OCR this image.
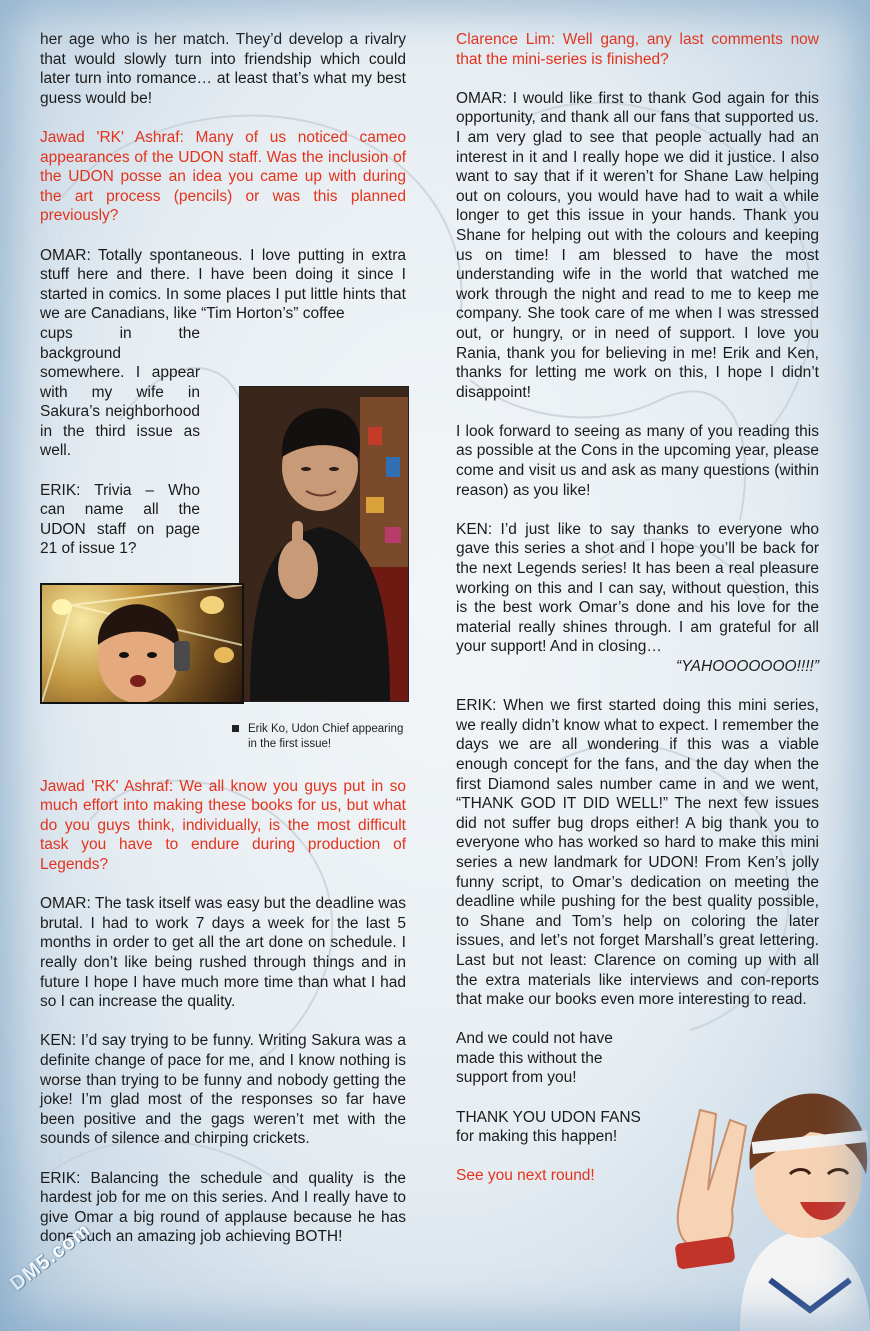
Erik Ko, Udon Chief appearing in the first issue!

her age who is her match. They’d develop a rivalry that would slowly turn into friendship which could later turn into romance… at least that’s what my best guess would be!

Jawad 'RK' Ashraf: Many of us noticed cameo appearances of the UDON staff. Was the inclusion of the UDON posse an idea you came up with during the art process (pencils) or was this planned previously?

OMAR: Totally spontaneous. I love putting in extra stuff here and there. I have been doing it since I started in comics. In some places I put little hints that we are Canadians, like “Tim Horton’s” coffee

cups in the background somewhere. I appear with my wife in Sakura’s neighborhood in the third issue as well.

ERIK: Trivia – Who can name all the UDON staff on page 21 of issue 1?

Jawad 'RK' Ashraf: We all know you guys put in so much effort into making these books for us, but what do you guys think, individually, is the most difficult task you have to endure during production of Legends?

OMAR: The task itself was easy but the deadline was brutal. I had to work 7 days a week for the last 5 months in order to get all the art done on schedule. I really don’t like being rushed through things and in future I hope I have much more time than what I had so I can increase the quality.

KEN: I’d say trying to be funny. Writing Sakura was a definite change of pace for me, and I know nothing is worse than trying to be funny and nobody getting the joke! I’m glad most of the responses so far have been positive and the gags weren’t met with the sounds of silence and chirping crickets.

ERIK: Balancing the schedule and quality is the hardest job for me on this series. And I really have to give Omar a big round of applause because he has done such an amazing job achieving BOTH!

Clarence Lim: Well gang, any last comments now that the mini-series is finished?

OMAR: I would like first to thank God again for this opportunity, and thank all our fans that supported us. I am very glad to see that people actually had an interest in it and I really hope we did it justice. I also want to say that if it weren’t for Shane Law helping out on colours, you would have had to wait a while longer to get this issue in your hands. Thank you Shane for helping out with the colours and keeping us on time! I am blessed to have the most understanding wife in the world that watched me work through the night and read to me to keep me company. She took care of me when I was stressed out, or hungry, or in need of support. I love you Rania, thank you for believing in me! Erik and Ken, thanks for letting me work on this, I hope I didn’t disappoint!

I look forward to seeing as many of you reading this as possible at the Cons in the upcoming year, please come and visit us and ask as many questions (within reason) as you like!

KEN: I’d just like to say thanks to everyone who gave this series a shot and I hope you’ll be back for the next Legends series! It has been a real pleasure working on this and I can say, without question, this is the best work Omar’s done and his love for the material really shines through. I am grateful for all your support! And in closing…

“YAHOOOOOOO!!!!”

ERIK: When we first started doing this mini series, we really didn’t know what to expect. I remember the days we are all wondering if this was a viable enough concept for the fans, and the day when the first Diamond sales number came in and we went, “THANK GOD IT DID WELL!” The next few issues did not suffer bug drops either! A big thank you to everyone who has worked so hard to make this mini series a new landmark for UDON! From Ken’s jolly funny script, to Omar’s dedication on meeting the deadline while pushing for the best quality possible, to Shane and Tom’s help on coloring the later issues, and let’s not forget Marshall’s great lettering. Last but not least: Clarence on coming up with all the extra materials like interviews and con-reports that make our books even more interesting to read.

And we could not have made this without the support from you!

THANK YOU UDON FANS

for making this happen!

See you next round!

DM5.com
